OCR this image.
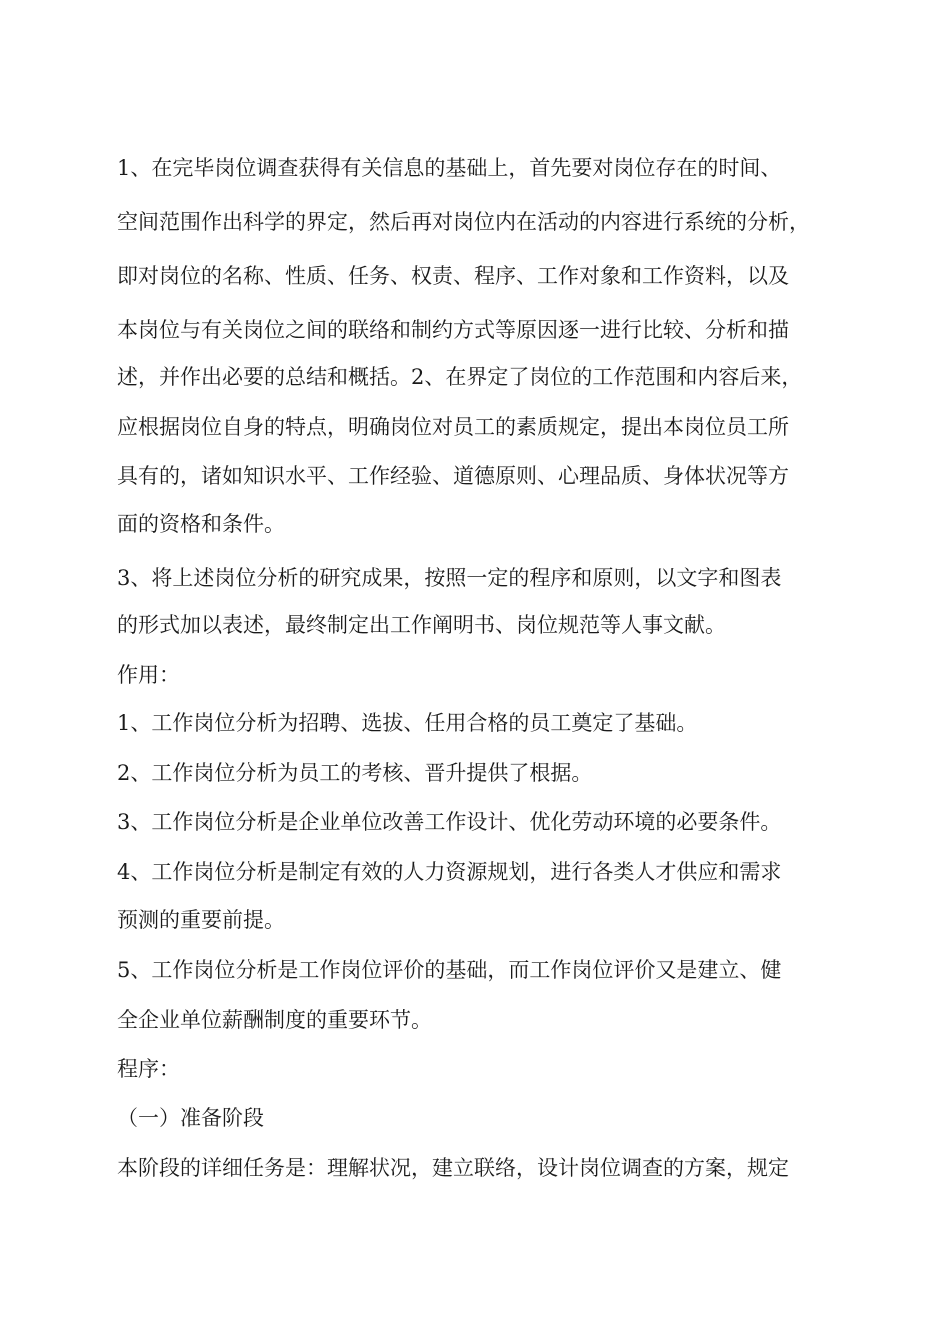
1、在完毕岗位调查获得有关信息的基础上，首先要对岗位存在的时间、
空间范围作出科学的界定，然后再对岗位内在活动的内容进行系统的分析，
即对岗位的名称、性质、任务、权责、程序、工作对象和工作资料，以及
本岗位与有关岗位之间的联络和制约方式等原因逐一进行比较、分析和描
述，并作出必要的总结和概括。2、在界定了岗位的工作范围和内容后来，
应根据岗位自身的特点，明确岗位对员工的素质规定，提出本岗位员工所
具有的，诸如知识水平、工作经验、道德原则、心理品质、身体状况等方
面的资格和条件。
3、将上述岗位分析的研究成果，按照一定的程序和原则，以文字和图表
的形式加以表述，最终制定出工作阐明书、岗位规范等人事文献。
作用：
1、工作岗位分析为招聘、选拔、任用合格的员工奠定了基础。
2、工作岗位分析为员工的考核、晋升提供了根据。
3、工作岗位分析是企业单位改善工作设计、优化劳动环境的必要条件。
4、工作岗位分析是制定有效的人力资源规划，进行各类人才供应和需求
预测的重要前提。
5、工作岗位分析是工作岗位评价的基础，而工作岗位评价又是建立、健
全企业单位薪酬制度的重要环节。
程序：
（一）准备阶段
本阶段的详细任务是：理解状况，建立联络，设计岗位调查的方案，规定
